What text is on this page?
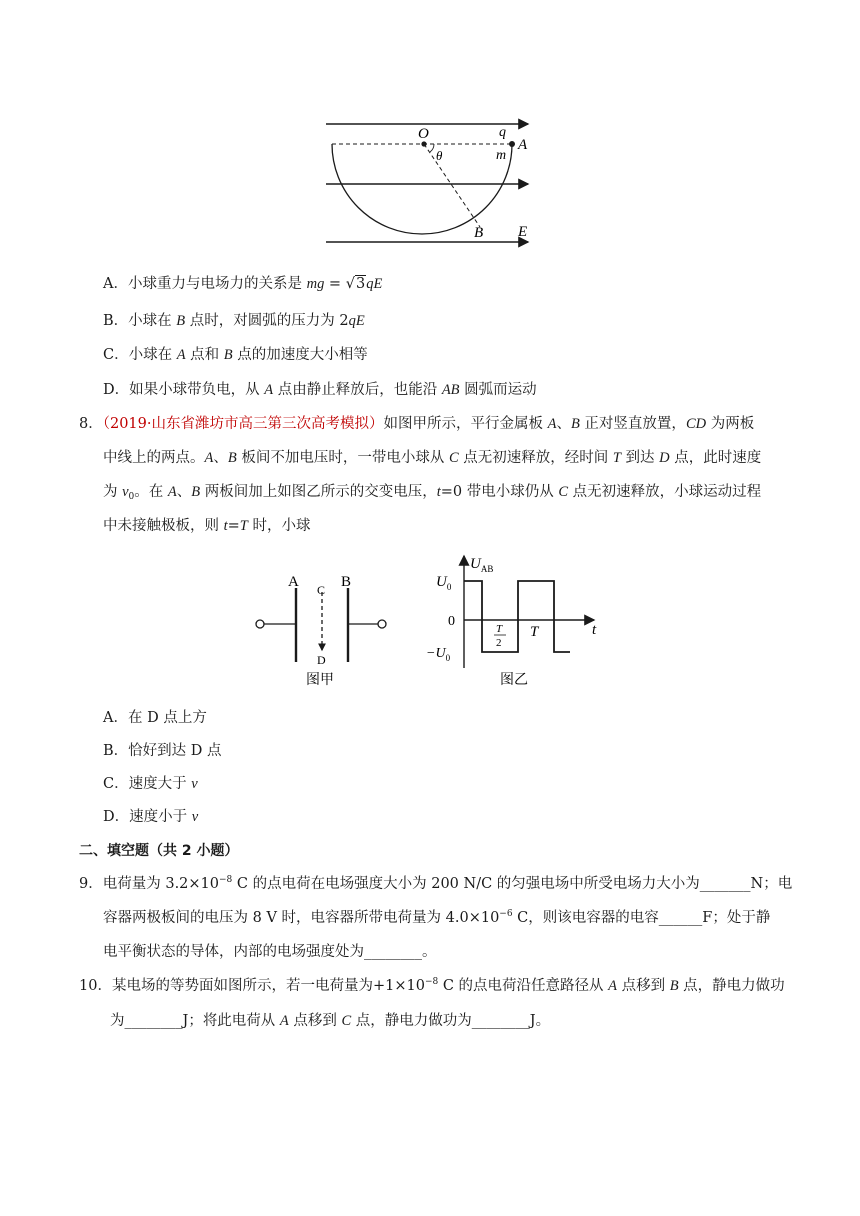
O	q
A
m
θ
B E
A．小球重力与电场力的关系是 mg = √3qE
B．小球在 B 点时，对圆弧的压力为 2qE
C．小球在 A 点和 B 点的加速度大小相等
D．如果小球带负电，从 A 点由静止释放后，也能沿 AB 圆弧而运动
8．（2019·山东省潍坊市高三第三次高考模拟）如图甲所示，平行金属板 A、B 正对竖直放置，CD 为两板
中线上的两点。A、B 板间不加电压时，一带电小球从 C 点无初速释放，经时间 T 到达 D 点，此时速度
为 $v_0$。在 A、B 两板间加上如图乙所示的交变电压，t=0 带电小球仍从 C 点无初速释放，小球运动过程
中未接触极板，则 t=T 时，小球
A	B
C
D
图甲
$U_{AB}$
$U_0$
0
$-U_0$
T
2
T	t
图乙
A．在 D 点上方
B．恰好到达 D 点
C．速度大于 v
D．速度小于 v
二、填空题（共 2 小题）
9．电荷量为 $3.2\times 10^{-8}$ C 的点电荷在电场强度大小为 200 N/C 的匀强电场中所受电场力大小为_______N；电
容器两极板间的电压为 8 V 时，电容器所带电荷量为 $4.0\times 10^{-6}$ C，则该电容器的电容______F；处于静
电平衡状态的导体，内部的电场强度处为________。
10．某电场的等势面如图所示，若一电荷量为$+1\times 10^{-8}$ C 的点电荷沿任意路径从 A 点移到 B 点，静电力做功
为________J；将此电荷从 A 点移到 C 点，静电力做功为________J。
